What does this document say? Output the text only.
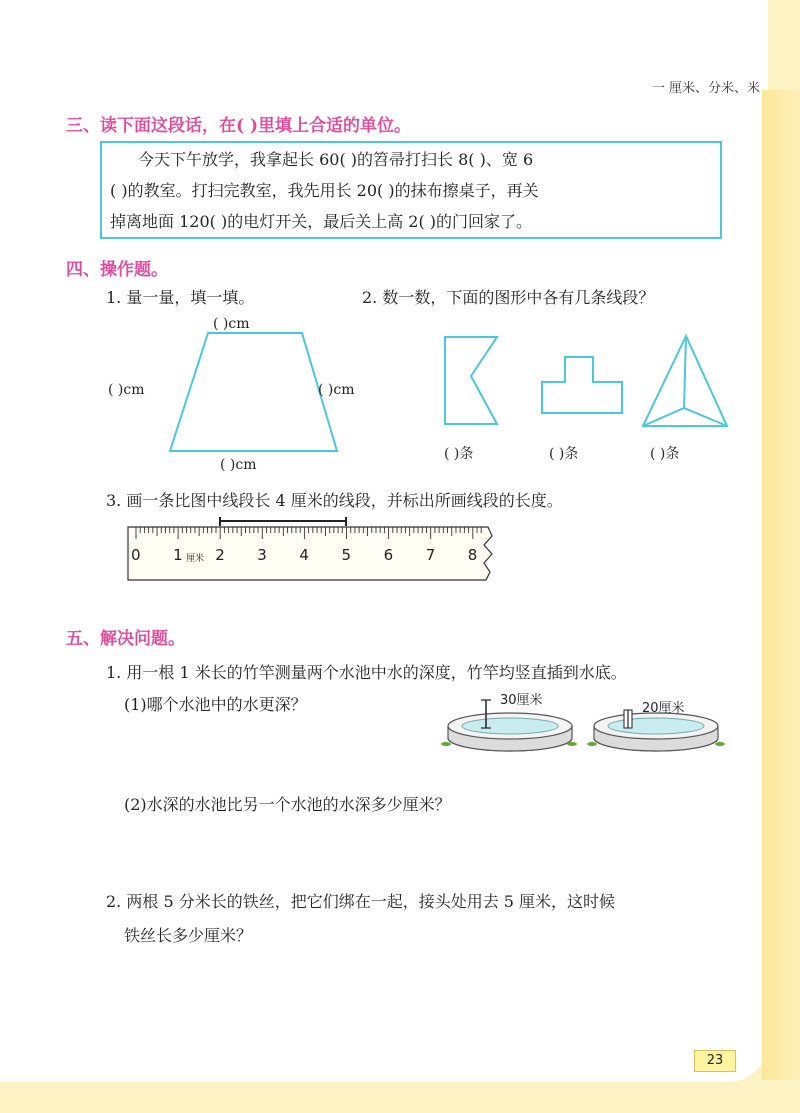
一 厘米、分米、米
三、读下面这段话，在( )里填上合适的单位。
今天下午放学，我拿起长 60( )的笤帚打扫长 8( )、宽 6
( )的教室。打扫完教室，我先用长 20( )的抹布擦桌子，再关
掉离地面 120( )的电灯开关，最后关上高 2( )的门回家了。
四、操作题。
1. 量一量，填一填。	2. 数一数，下面的图形中各有几条线段？
( )cm
( )cm	( )cm
( )cm
( )条	( )条	( )条
3. 画一条比图中线段长 4 厘米的线段，并标出所画线段的长度。
0 1 2 3 4 5 6 7 8
厘米
五、解决问题。
1. 用一根 1 米长的竹竿测量两个水池中水的深度，竹竿均竖直插到水底。
(1)哪个水池中的水更深？	30厘米
20厘米
(2)水深的水池比另一个水池的水深多少厘米？
2. 两根 5 分米长的铁丝，把它们绑在一起，接头处用去 5 厘米，这时候
铁丝长多少厘米？
23
